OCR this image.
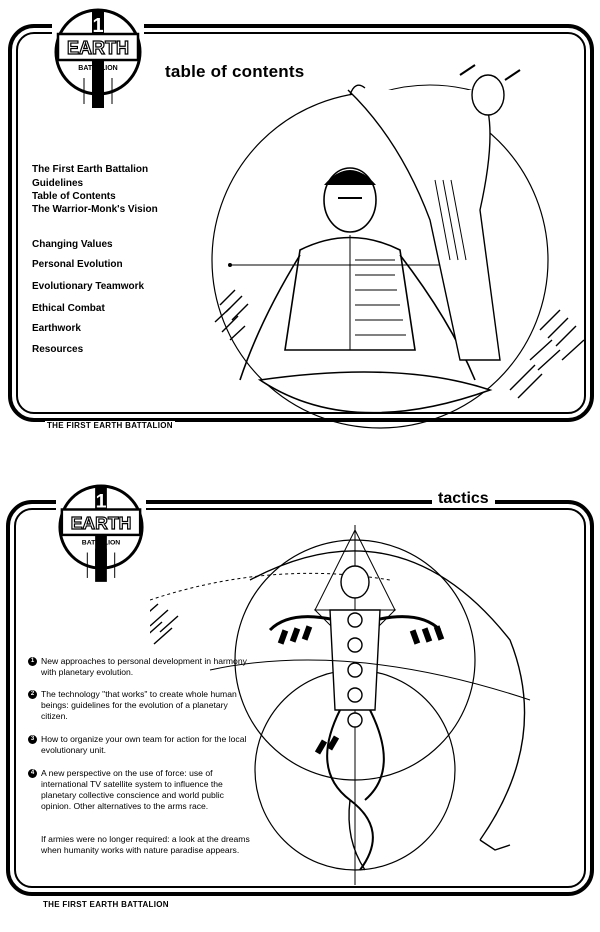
EARTH
BATTALION
1
table of contents
The First Earth Battalion
Guidelines
Table of Contents
The Warrior-Monk's Vision
Changing Values
Personal Evolution
Evolutionary Teamwork
Ethical Combat
Earthwork
Resources
THE FIRST EARTH BATTALION
EARTH
BATTALION
1	tactics
1 New approaches to personal development in harmony with planetary evolution.
2 The technology "that works" to create whole human beings: guidelines for the evolution of a planetary citizen.
3 How to organize your own team for action for the local evolutionary unit.
4 A new perspective on the use of force: use of international TV satellite system to influence the planetary collective conscience and world public opinion. Other alternatives to the arms race.
If armies were no longer required: a look at the dreams when humanity works with nature paradise appears.
THE FIRST EARTH BATTALION
